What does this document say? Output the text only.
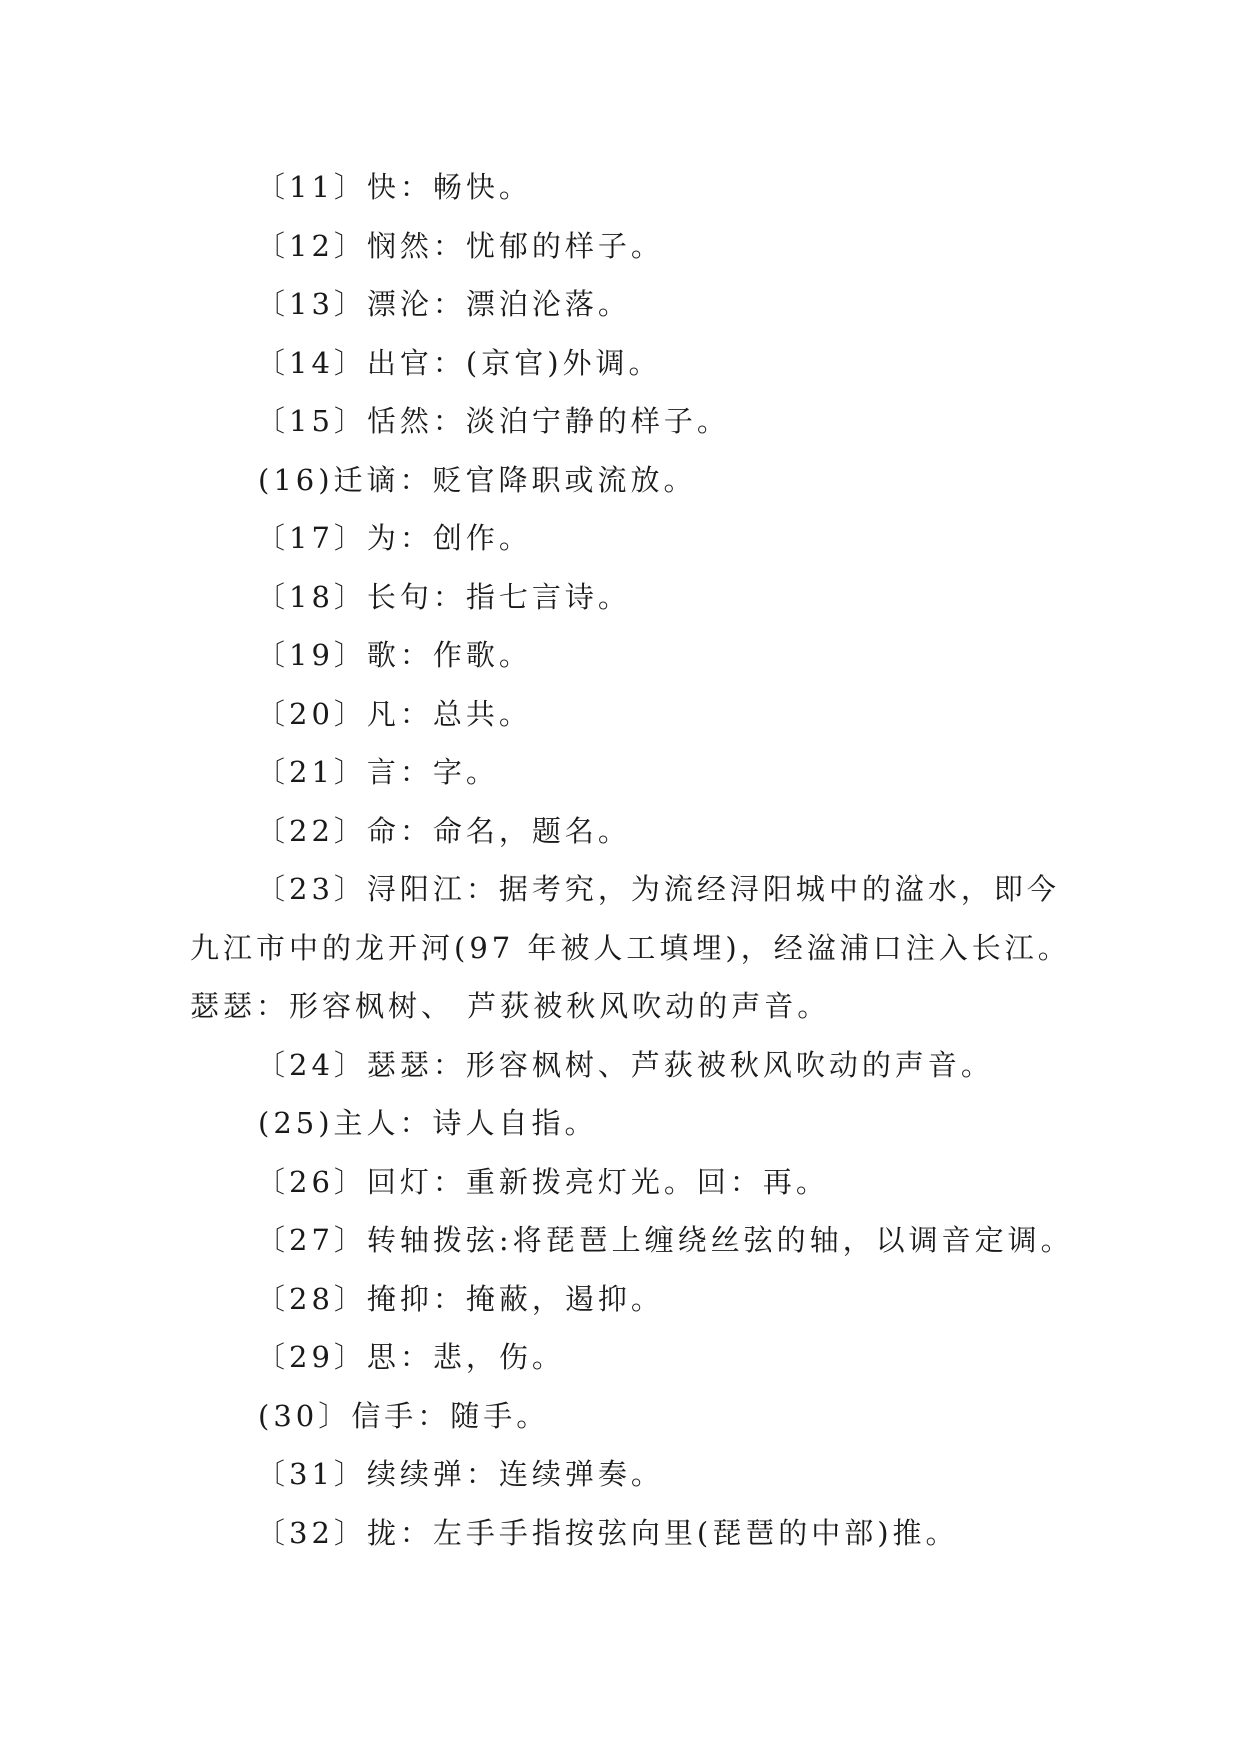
〔11〕快：畅快。
〔12〕悯然：忧郁的样子。
〔13〕漂沦：漂泊沦落。
〔14〕出官：(京官)外调。
〔15〕恬然：淡泊宁静的样子。
(16)迁谪：贬官降职或流放。
〔17〕为：创作。
〔18〕长句：指七言诗。
〔19〕歌：作歌。
〔20〕凡：总共。
〔21〕言：字。
〔22〕命：命名，题名。
〔23〕浔阳江：据考究，为流经浔阳城中的湓水，即今
九江市中的龙开河(97 年被人工填埋)，经湓浦口注入长江。
瑟瑟：形容枫树、 芦荻被秋风吹动的声音。
〔24〕瑟瑟：形容枫树、芦荻被秋风吹动的声音。
(25)主人：诗人自指。
〔26〕回灯：重新拨亮灯光。回：再。
〔27〕转轴拨弦:将琵琶上缠绕丝弦的轴，以调音定调。
〔28〕掩抑：掩蔽，遏抑。
〔29〕思：悲，伤。
(30〕信手：随手。
〔31〕续续弹：连续弹奏。
〔32〕拢：左手手指按弦向里(琵琶的中部)推。
